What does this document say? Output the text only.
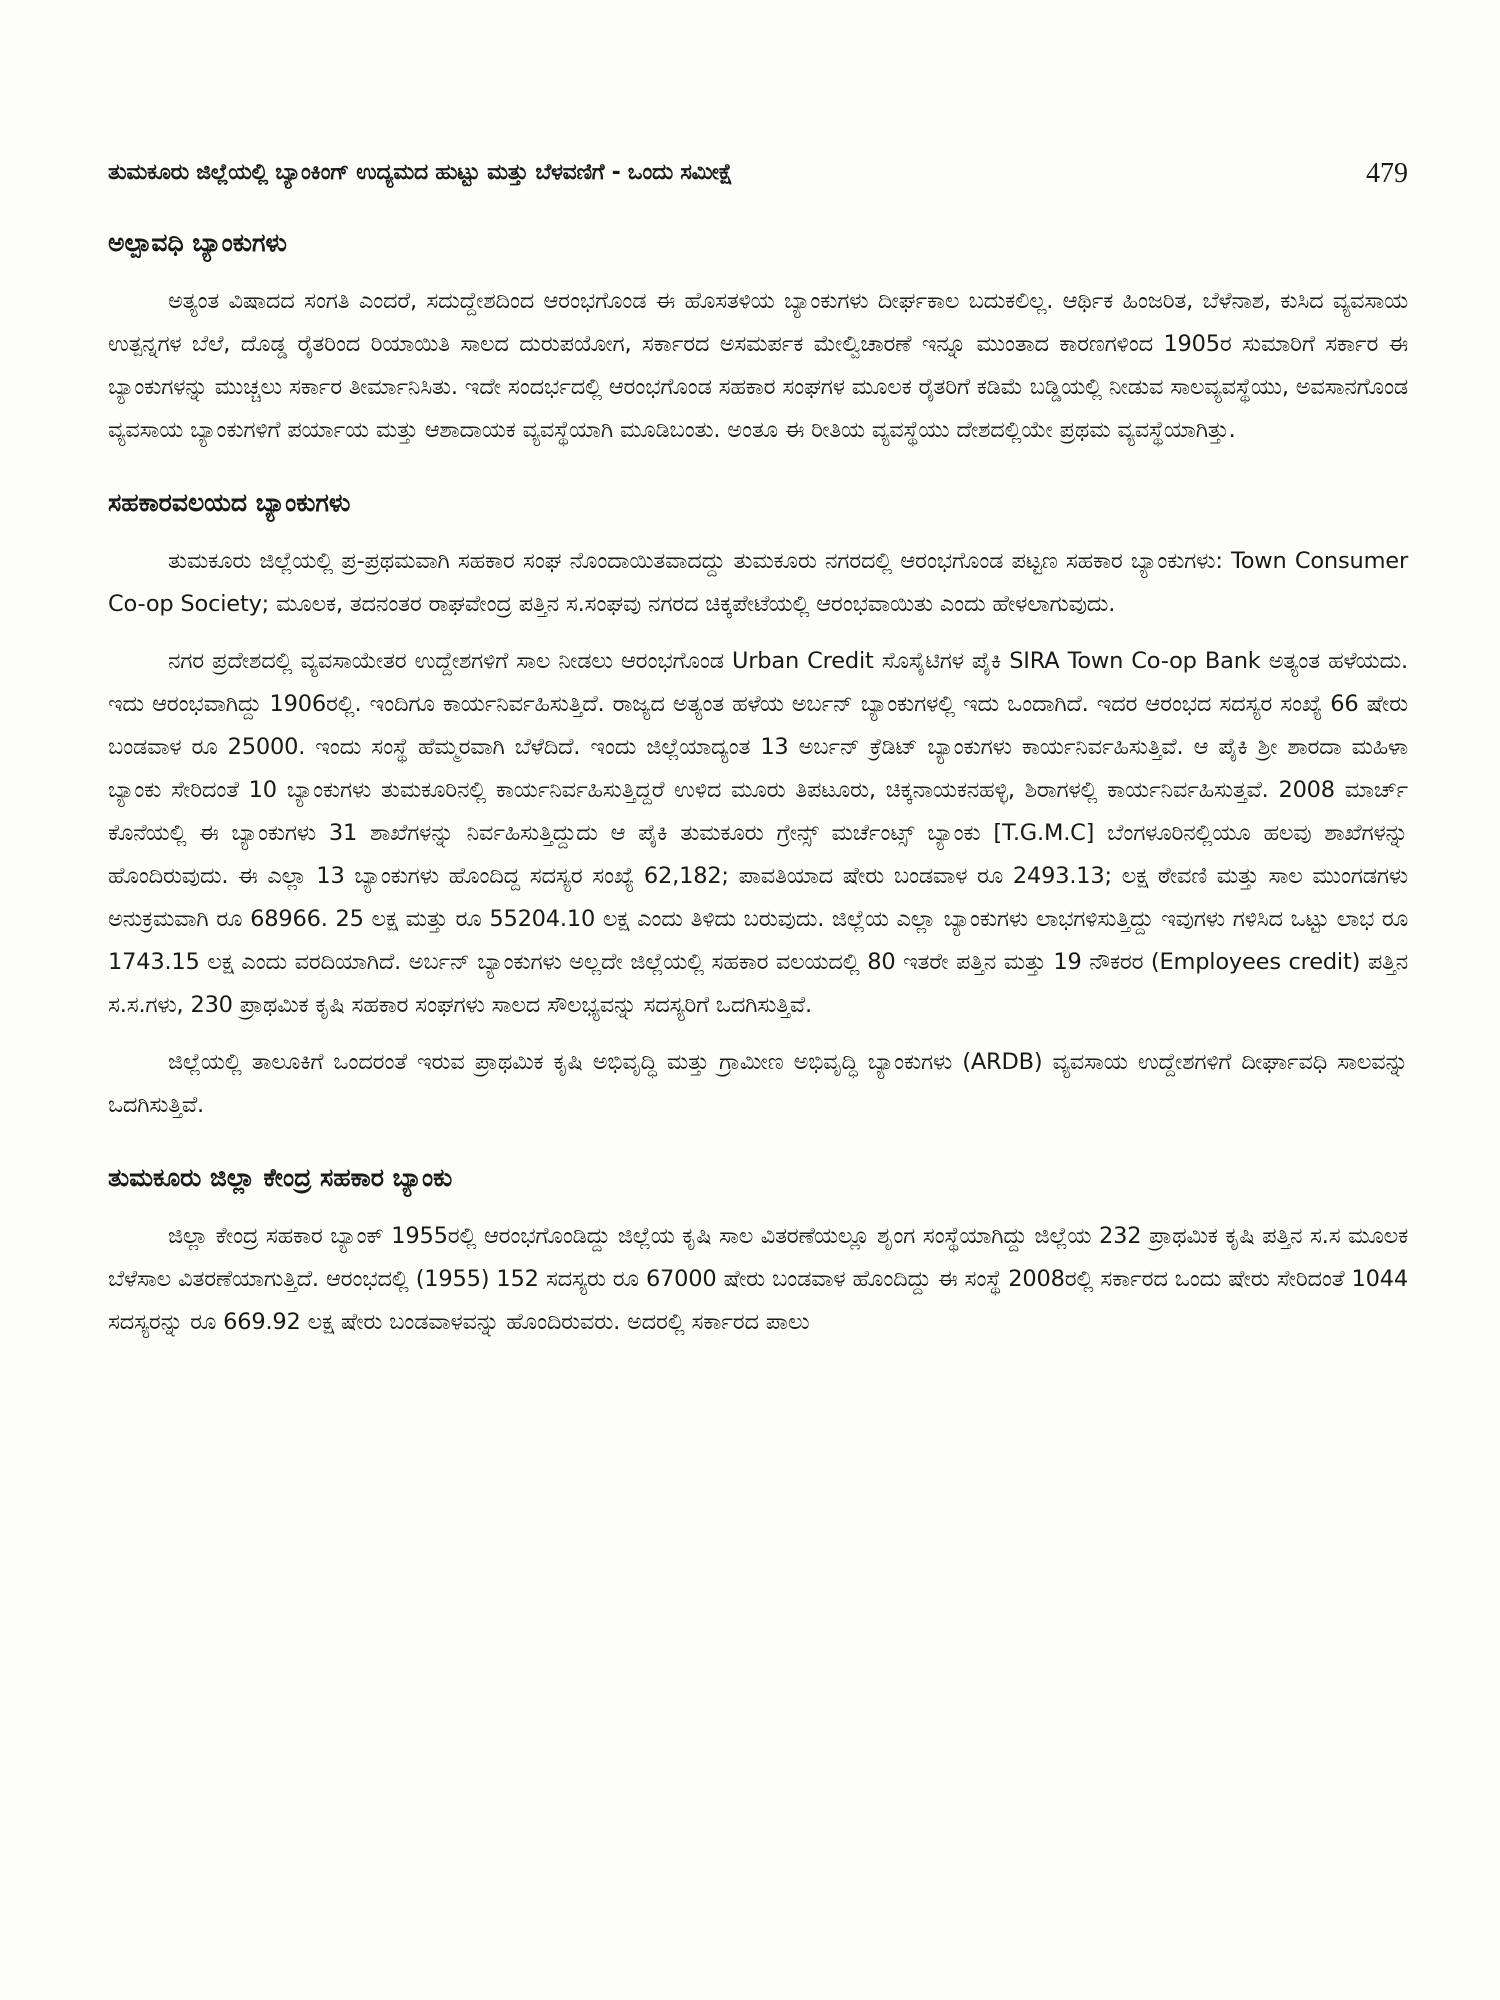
ತುಮಕೂರು ಜಿಲ್ಲೆಯಲ್ಲಿ ಬ್ಯಾಂಕಿಂಗ್ ಉದ್ಯಮದ ಹುಟ್ಟು ಮತ್ತು ಬೆಳವಣಿಗೆ - ಒಂದು ಸಮೀಕ್ಷೆ	479
ಅಲ್ಪಾವಧಿ ಬ್ಯಾಂಕುಗಳು

ಅತ್ಯಂತ ವಿಷಾದದ ಸಂಗತಿ ಎಂದರೆ, ಸದುದ್ದೇಶದಿಂದ ಆರಂಭಗೊಂಡ ಈ ಹೊಸತಳಿಯ ಬ್ಯಾಂಕುಗಳು ದೀರ್ಘಕಾಲ ಬದುಕಲಿಲ್ಲ. ಆರ್ಥಿಕ ಹಿಂಜರಿತ, ಬೆಳೆನಾಶ, ಕುಸಿದ ವ್ಯವಸಾಯ ಉತ್ಪನ್ನಗಳ ಬೆಲೆ, ದೊಡ್ಡ ರೈತರಿಂದ ರಿಯಾಯಿತಿ ಸಾಲದ ದುರುಪಯೋಗ, ಸರ್ಕಾರದ ಅಸಮರ್ಪಕ ಮೇಲ್ವಿಚಾರಣೆ ಇನ್ನೂ ಮುಂತಾದ ಕಾರಣಗಳಿಂದ 1905ರ ಸುಮಾರಿಗೆ ಸರ್ಕಾರ ಈ ಬ್ಯಾಂಕುಗಳನ್ನು ಮುಚ್ಚಲು ಸರ್ಕಾರ ತೀರ್ಮಾನಿಸಿತು. ಇದೇ ಸಂದರ್ಭದಲ್ಲಿ ಆರಂಭಗೊಂಡ ಸಹಕಾರ ಸಂಘಗಳ ಮೂಲಕ ರೈತರಿಗೆ ಕಡಿಮೆ ಬಡ್ಡಿಯಲ್ಲಿ ನೀಡುವ ಸಾಲವ್ಯವಸ್ಥೆಯು, ಅವಸಾನಗೊಂಡ ವ್ಯವಸಾಯ ಬ್ಯಾಂಕುಗಳಿಗೆ ಪರ್ಯಾಯ ಮತ್ತು ಆಶಾದಾಯಕ ವ್ಯವಸ್ಥೆಯಾಗಿ ಮೂಡಿಬಂತು. ಅಂತೂ ಈ ರೀತಿಯ ವ್ಯವಸ್ಥೆಯು ದೇಶದಲ್ಲಿಯೇ ಪ್ರಥಮ ವ್ಯವಸ್ಥೆಯಾಗಿತ್ತು.

ಸಹಕಾರವಲಯದ ಬ್ಯಾಂಕುಗಳು

ತುಮಕೂರು ಜಿಲ್ಲೆಯಲ್ಲಿ ಪ್ರ-ಪ್ರಥಮವಾಗಿ ಸಹಕಾರ ಸಂಘ ನೊಂದಾಯಿತವಾದದ್ದು ತುಮಕೂರು ನಗರದಲ್ಲಿ ಆರಂಭಗೊಂಡ ಪಟ್ಟಣ ಸಹಕಾರ ಬ್ಯಾಂಕುಗಳು: Town Consumer Co-op Society; ಮೂಲಕ, ತದನಂತರ ರಾಘವೇಂದ್ರ ಪತ್ತಿನ ಸ.ಸಂಘವು ನಗರದ ಚಿಕ್ಕಪೇಟೆಯಲ್ಲಿ ಆರಂಭವಾಯಿತು ಎಂದು ಹೇಳಲಾಗುವುದು.

ನಗರ ಪ್ರದೇಶದಲ್ಲಿ ವ್ಯವಸಾಯೇತರ ಉದ್ದೇಶಗಳಿಗೆ ಸಾಲ ನೀಡಲು ಆರಂಭಗೊಂಡ Urban Credit ಸೊಸೈಟಿಗಳ ಪೈಕಿ SIRA Town Co-op Bank ಅತ್ಯಂತ ಹಳೆಯದು. ಇದು ಆರಂಭವಾಗಿದ್ದು 1906ರಲ್ಲಿ. ಇಂದಿಗೂ ಕಾರ್ಯನಿರ್ವಹಿಸುತ್ತಿದೆ. ರಾಜ್ಯದ ಅತ್ಯಂತ ಹಳೆಯ ಅರ್ಬನ್ ಬ್ಯಾಂಕುಗಳಲ್ಲಿ ಇದು ಒಂದಾಗಿದೆ. ಇದರ ಆರಂಭದ ಸದಸ್ಯರ ಸಂಖ್ಯೆ 66 ಷೇರು ಬಂಡವಾಳ ರೂ 25000. ಇಂದು ಸಂಸ್ಥೆ ಹೆಮ್ಮರವಾಗಿ ಬೆಳೆದಿದೆ. ಇಂದು ಜಿಲ್ಲೆಯಾದ್ಯಂತ 13 ಅರ್ಬನ್ ಕ್ರೆಡಿಟ್ ಬ್ಯಾಂಕುಗಳು ಕಾರ್ಯನಿರ್ವಹಿಸುತ್ತಿವೆ. ಆ ಪೈಕಿ ಶ್ರೀ ಶಾರದಾ ಮಹಿಳಾ ಬ್ಯಾಂಕು ಸೇರಿದಂತೆ 10 ಬ್ಯಾಂಕುಗಳು ತುಮಕೂರಿನಲ್ಲಿ ಕಾರ್ಯನಿರ್ವಹಿಸುತ್ತಿದ್ದರೆ ಉಳಿದ ಮೂರು ತಿಪಟೂರು, ಚಿಕ್ಕನಾಯಕನಹಳ್ಳಿ, ಶಿರಾಗಳಲ್ಲಿ ಕಾರ್ಯನಿರ್ವಹಿಸುತ್ತವೆ. 2008 ಮಾರ್ಚ್ ಕೊನೆಯಲ್ಲಿ ಈ ಬ್ಯಾಂಕುಗಳು 31 ಶಾಖೆಗಳನ್ನು ನಿರ್ವಹಿಸುತ್ತಿದ್ದುದು ಆ ಪೈಕಿ ತುಮಕೂರು ಗ್ರೇನ್ಸ್ ಮರ್ಚೆಂಟ್ಸ್ ಬ್ಯಾಂಕು [T.G.M.C] ಬೆಂಗಳೂರಿನಲ್ಲಿಯೂ ಹಲವು ಶಾಖೆಗಳನ್ನು ಹೊಂದಿರುವುದು. ಈ ಎಲ್ಲಾ 13 ಬ್ಯಾಂಕುಗಳು ಹೊಂದಿದ್ದ ಸದಸ್ಯರ ಸಂಖ್ಯೆ 62,182; ಪಾವತಿಯಾದ ಷೇರು ಬಂಡವಾಳ ರೂ 2493.13; ಲಕ್ಷ ಠೇವಣಿ ಮತ್ತು ಸಾಲ ಮುಂಗಡಗಳು ಅನುಕ್ರಮವಾಗಿ ರೂ 68966. 25 ಲಕ್ಷ ಮತ್ತು ರೂ 55204.10 ಲಕ್ಷ ಎಂದು ತಿಳಿದು ಬರುವುದು. ಜಿಲ್ಲೆಯ ಎಲ್ಲಾ ಬ್ಯಾಂಕುಗಳು ಲಾಭಗಳಿಸುತ್ತಿದ್ದು ಇವುಗಳು ಗಳಿಸಿದ ಒಟ್ಟು ಲಾಭ ರೂ 1743.15 ಲಕ್ಷ ಎಂದು ವರದಿಯಾಗಿದೆ. ಅರ್ಬನ್ ಬ್ಯಾಂಕುಗಳು ಅಲ್ಲದೇ ಜಿಲ್ಲೆಯಲ್ಲಿ ಸಹಕಾರ ವಲಯದಲ್ಲಿ 80 ಇತರೇ ಪತ್ತಿನ ಮತ್ತು 19 ನೌಕರರ (Employees credit) ಪತ್ತಿನ ಸ.ಸ.ಗಳು, 230 ಪ್ರಾಥಮಿಕ ಕೃಷಿ ಸಹಕಾರ ಸಂಘಗಳು ಸಾಲದ ಸೌಲಭ್ಯವನ್ನು ಸದಸ್ಯರಿಗೆ ಒದಗಿಸುತ್ತಿವೆ.

ಜಿಲ್ಲೆಯಲ್ಲಿ ತಾಲೂಕಿಗೆ ಒಂದರಂತೆ ಇರುವ ಪ್ರಾಥಮಿಕ ಕೃಷಿ ಅಭಿವೃದ್ಧಿ ಮತ್ತು ಗ್ರಾಮೀಣ ಅಭಿವೃದ್ಧಿ ಬ್ಯಾಂಕುಗಳು (ARDB) ವ್ಯವಸಾಯ ಉದ್ದೇಶಗಳಿಗೆ ದೀರ್ಘಾವಧಿ ಸಾಲವನ್ನು ಒದಗಿಸುತ್ತಿವೆ.

ತುಮಕೂರು ಜಿಲ್ಲಾ ಕೇಂದ್ರ ಸಹಕಾರ ಬ್ಯಾಂಕು

ಜಿಲ್ಲಾ ಕೇಂದ್ರ ಸಹಕಾರ ಬ್ಯಾಂಕ್ 1955ರಲ್ಲಿ ಆರಂಭಗೊಂಡಿದ್ದು ಜಿಲ್ಲೆಯ ಕೃಷಿ ಸಾಲ ವಿತರಣೆಯಲ್ಲೂ ಶೃಂಗ ಸಂಸ್ಥೆಯಾಗಿದ್ದು ಜಿಲ್ಲೆಯ 232 ಪ್ರಾಥಮಿಕ ಕೃಷಿ ಪತ್ತಿನ ಸ.ಸ ಮೂಲಕ ಬೆಳೆಸಾಲ ವಿತರಣೆಯಾಗುತ್ತಿದೆ. ಆರಂಭದಲ್ಲಿ (1955) 152 ಸದಸ್ಯರು ರೂ 67000 ಷೇರು ಬಂಡವಾಳ ಹೊಂದಿದ್ದು ಈ ಸಂಸ್ಥೆ 2008ರಲ್ಲಿ ಸರ್ಕಾರದ ಒಂದು ಷೇರು ಸೇರಿದಂತೆ 1044 ಸದಸ್ಯರನ್ನು ರೂ 669.92 ಲಕ್ಷ ಷೇರು ಬಂಡವಾಳವನ್ನು ಹೊಂದಿರುವರು. ಅದರಲ್ಲಿ ಸರ್ಕಾರದ ಪಾಲು
